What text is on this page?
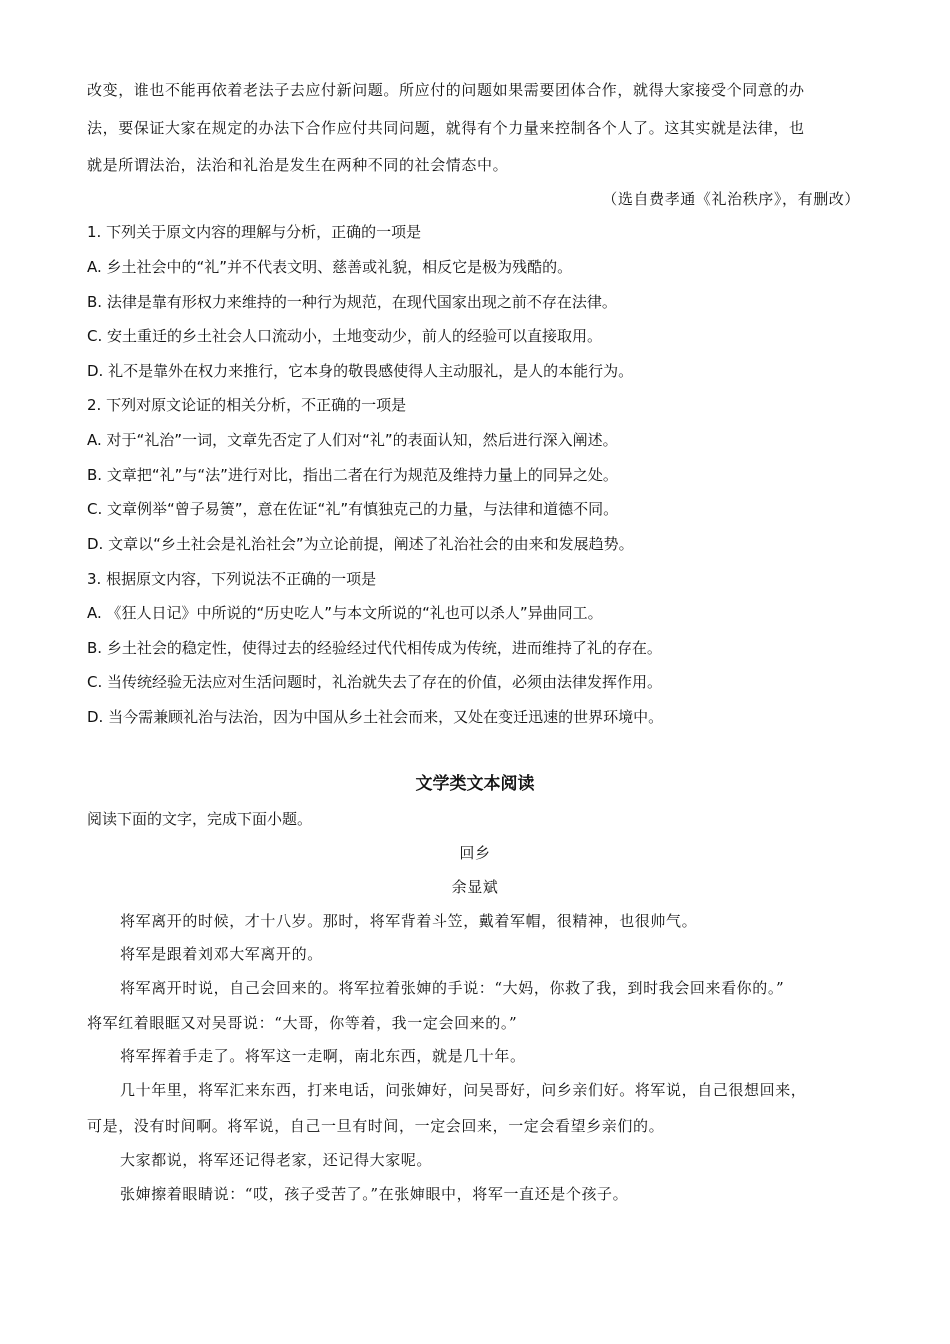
改变，谁也不能再依着老法子去应付新问题。所应付的问题如果需要团体合作，就得大家接受个同意的办
法，要保证大家在规定的办法下合作应付共同问题，就得有个力量来控制各个人了。这其实就是法律，也
就是所谓法治，法治和礼治是发生在两种不同的社会情态中。
（选自费孝通《礼治秩序》，有删改）
1. 下列关于原文内容的理解与分析，正确的一项是
A. 乡土社会中的“礼”并不代表文明、慈善或礼貌，相反它是极为残酷的。
B. 法律是靠有形权力来维持的一种行为规范，在现代国家出现之前不存在法律。
C. 安土重迁的乡土社会人口流动小，土地变动少，前人的经验可以直接取用。
D. 礼不是靠外在权力来推行，它本身的敬畏感使得人主动服礼，是人的本能行为。
2. 下列对原文论证的相关分析，不正确的一项是
A. 对于“礼治”一词，文章先否定了人们对“礼”的表面认知，然后进行深入阐述。
B. 文章把“礼”与“法”进行对比，指出二者在行为规范及维持力量上的同异之处。
C. 文章例举“曾子易箦”，意在佐证“礼”有慎独克己的力量，与法律和道德不同。
D. 文章以“乡土社会是礼治社会”为立论前提，阐述了礼治社会的由来和发展趋势。
3. 根据原文内容，下列说法不正确的一项是
A. 《狂人日记》中所说的“历史吃人”与本文所说的“礼也可以杀人”异曲同工。
B. 乡土社会的稳定性，使得过去的经验经过代代相传成为传统，进而维持了礼的存在。
C. 当传统经验无法应对生活问题时，礼治就失去了存在的价值，必须由法律发挥作用。
D. 当今需兼顾礼治与法治，因为中国从乡土社会而来，又处在变迁迅速的世界环境中。
文学类文本阅读
阅读下面的文字，完成下面小题。
回乡
余显斌
将军离开的时候，才十八岁。那时，将军背着斗笠，戴着军帽，很精神，也很帅气。
将军是跟着刘邓大军离开的。
将军离开时说，自己会回来的。将军拉着张婶的手说：“大妈，你救了我，到时我会回来看你的。”
将军红着眼眶又对吴哥说：“大哥，你等着，我一定会回来的。”
将军挥着手走了。将军这一走啊，南北东西，就是几十年。
几十年里，将军汇来东西，打来电话，问张婶好，问吴哥好，问乡亲们好。将军说，自己很想回来，
可是，没有时间啊。将军说，自己一旦有时间，一定会回来，一定会看望乡亲们的。
大家都说，将军还记得老家，还记得大家呢。
张婶擦着眼睛说：“哎，孩子受苦了。”在张婶眼中，将军一直还是个孩子。
